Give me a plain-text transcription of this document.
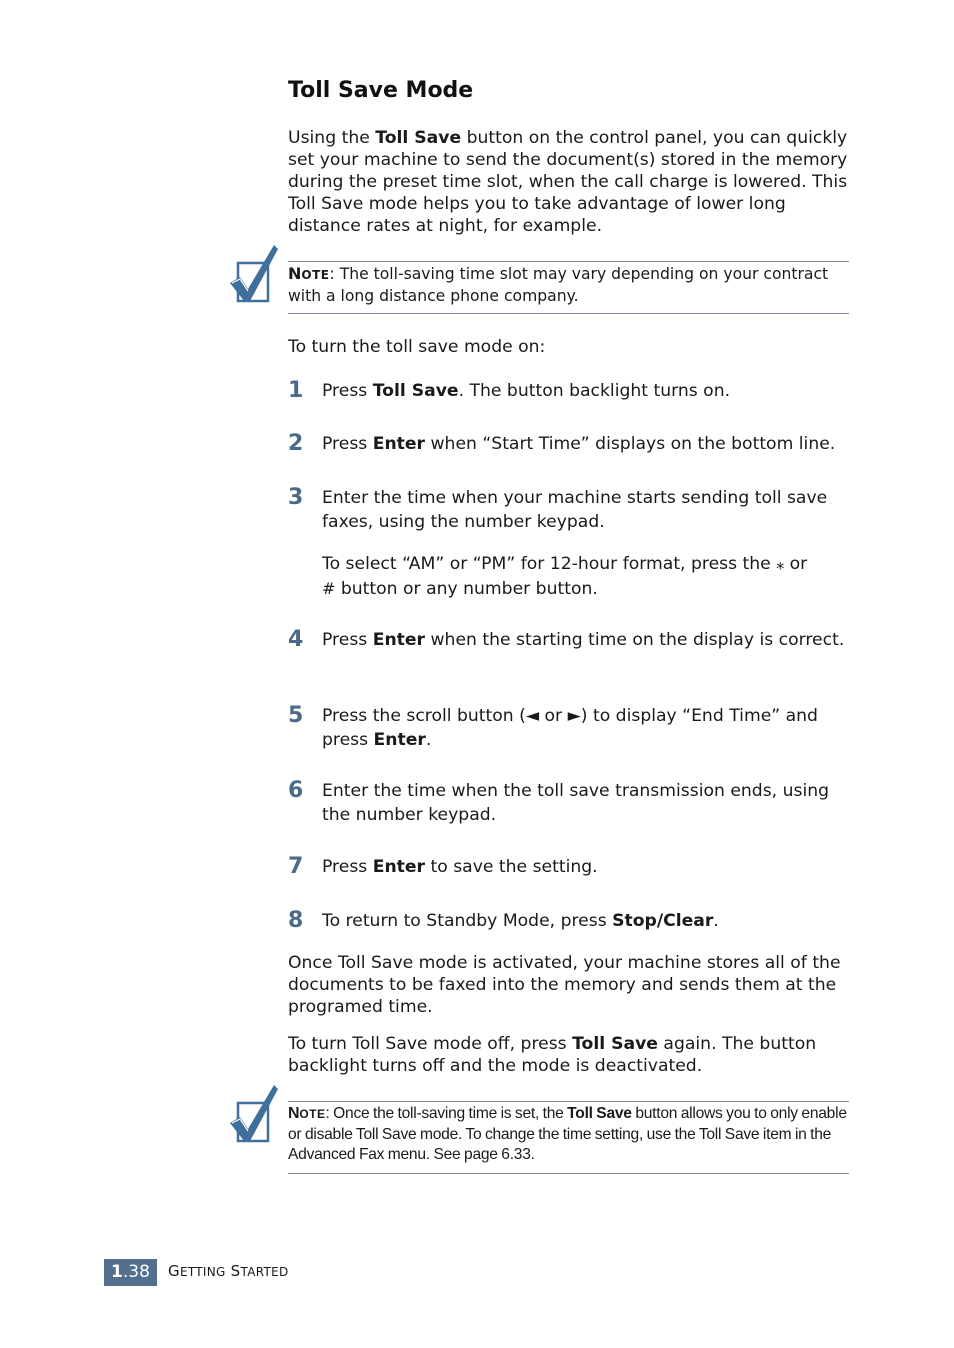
Toll Save Mode

Using the Toll Save button on the control panel, you can quickly set your machine to send the document(s) stored in the memory during the preset time slot, when the call charge is lowered. This Toll Save mode helps you to take advantage of lower long distance rates at night, for example.

NOTE: The toll-saving time slot may vary depending on your contract with a long distance phone company.
To turn the toll save mode on:
1 Press Toll Save. The button backlight turns on.
2 Press Enter when “Start Time” displays on the bottom line.
3 Enter the time when your machine starts sending toll save faxes, using the number keypad.
To select “AM” or “PM” for 12-hour format, press the ⁎ or
# button or any number button.
4 Press Enter when the starting time on the display is correct.
5 Press the scroll button (◄ or ►) to display “End Time” and press Enter.
6 Enter the time when the toll save transmission ends, using the number keypad.
7 Press Enter to save the setting.
8 To return to Standby Mode, press Stop/Clear.

Once Toll Save mode is activated, your machine stores all of the documents to be faxed into the memory and sends them at the programed time.

To turn Toll Save mode off, press Toll Save again. The button backlight turns off and the mode is deactivated.

NOTE: Once the toll-saving time is set, the Toll Save button allows you to only enable or disable Toll Save mode. To change the time setting, use the Toll Save item in the Advanced Fax menu. See page 6.33.
1.38	GETTING STARTED
